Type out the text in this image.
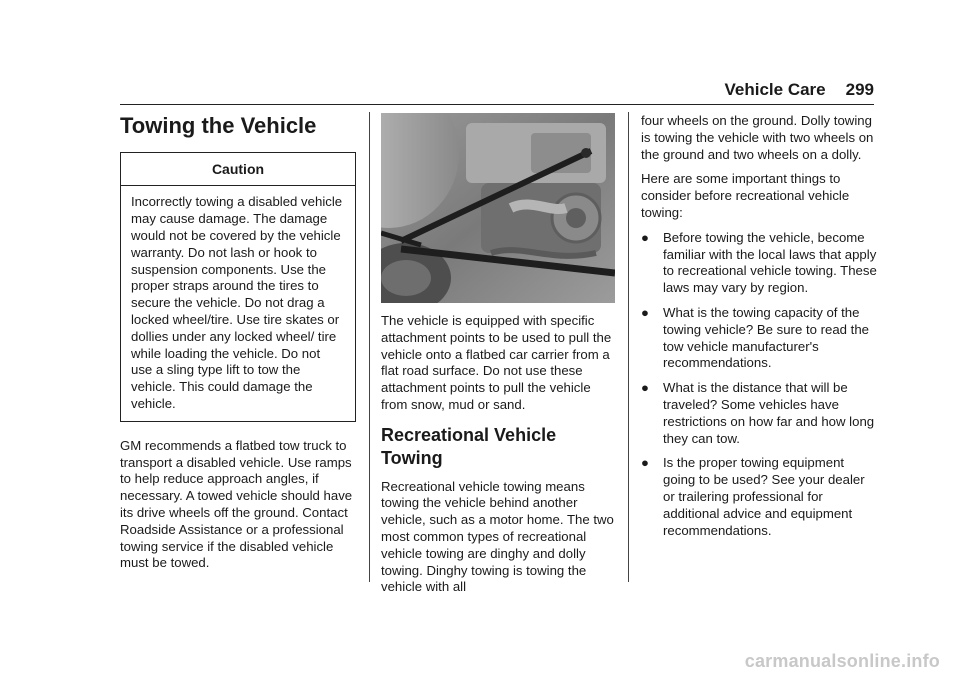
Vehicle Care 299
Towing the Vehicle
Caution
Incorrectly towing a disabled vehicle may cause damage. The damage would not be covered by the vehicle warranty. Do not lash or hook to suspension components. Use the proper straps around the tires to secure the vehicle. Do not drag a locked wheel/tire. Use tire skates or dollies under any locked wheel/ tire while loading the vehicle. Do not use a sling type lift to tow the vehicle. This could damage the vehicle.

GM recommends a flatbed tow truck to transport a disabled vehicle. Use ramps to help reduce approach angles, if necessary. A towed vehicle should have its drive wheels off the ground. Contact Roadside Assistance or a professional towing service if the disabled vehicle must be towed.

The vehicle is equipped with specific attachment points to be used to pull the vehicle onto a flatbed car carrier from a flat road surface. Do not use these attachment points to pull the vehicle from snow, mud or sand.

Recreational Vehicle Towing

Recreational vehicle towing means towing the vehicle behind another vehicle, such as a motor home. The two most common types of recreational vehicle towing are dinghy and dolly towing. Dinghy towing is towing the vehicle with all

four wheels on the ground. Dolly towing is towing the vehicle with two wheels on the ground and two wheels on a dolly.

Here are some important things to consider before recreational vehicle towing:

● Before towing the vehicle, become familiar with the local laws that apply to recreational vehicle towing. These laws may vary by region.
● What is the towing capacity of the towing vehicle? Be sure to read the tow vehicle manufacturer's recommendations.
● What is the distance that will be traveled? Some vehicles have restrictions on how far and how long they can tow.
● Is the proper towing equipment going to be used? See your dealer or trailering professional for additional advice and equipment recommendations.
carmanualsonline.info
